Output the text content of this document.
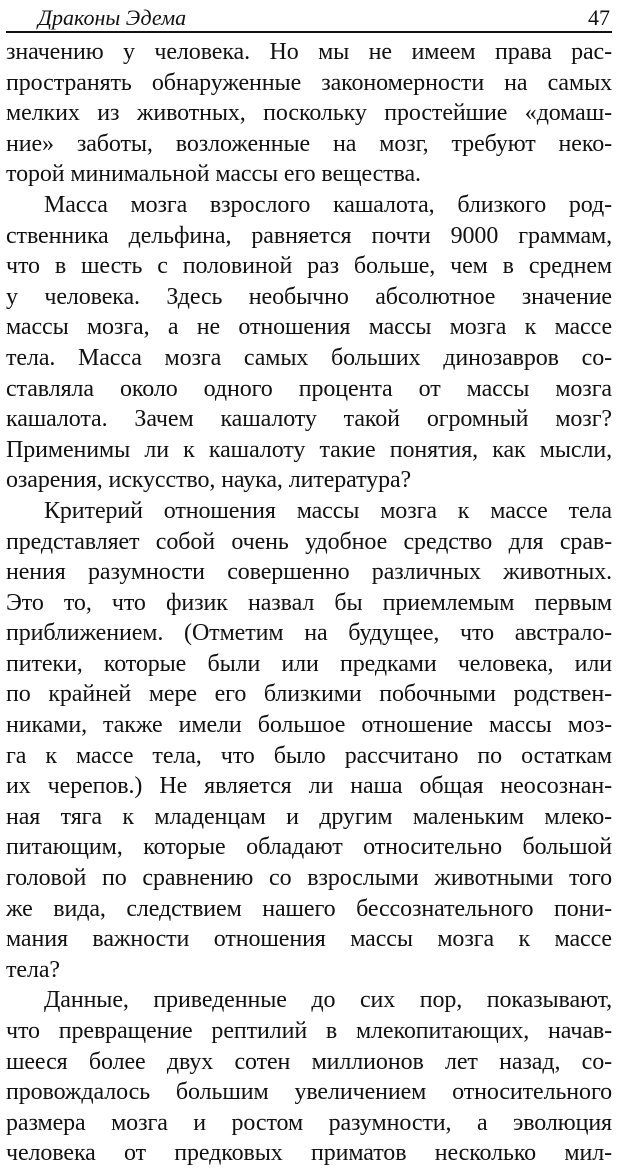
Драконы Эдема	47

значению у человека. Но мы не имеем права рас-
пространять обнаруженные закономерности на самых
мелких из животных, поскольку простейшие «домаш-
ние» заботы, возложенные на мозг, требуют неко-
торой минимальной массы его вещества.

Масса мозга взрослого кашалота, близкого род-
ственника дельфина, равняется почти 9000 граммам,
что в шесть с половиной раз больше, чем в среднем
у человека. Здесь необычно абсолютное значение
массы мозга, а не отношения массы мозга к массе
тела. Масса мозга самых больших динозавров со-
ставляла около одного процента от массы мозга
кашалота. Зачем кашалоту такой огромный мозг?
Применимы ли к кашалоту такие понятия, как мысли,
озарения, искусство, наука, литература?

Критерий отношения массы мозга к массе тела
представляет собой очень удобное средство для срав-
нения разумности совершенно различных животных.
Это то, что физик назвал бы приемлемым первым
приближением. (Отметим на будущее, что австрало-
питеки, которые были или предками человека, или
по крайней мере его близкими побочными родствен-
никами, также имели большое отношение массы моз-
га к массе тела, что было рассчитано по остаткам
их черепов.) Не является ли наша общая неосознан-
ная тяга к младенцам и другим маленьким млеко-
питающим, которые обладают относительно большой
головой по сравнению со взрослыми животными того
же вида, следствием нашего бессознательного пони-
мания важности отношения массы мозга к массе
тела?

Данные, приведенные до сих пор, показывают,
что превращение рептилий в млекопитающих, начав-
шееся более двух сотен миллионов лет назад, со-
провождалось большим увеличением относительного
размера мозга и ростом разумности, а эволюция
человека от предковых приматов несколько мил-
